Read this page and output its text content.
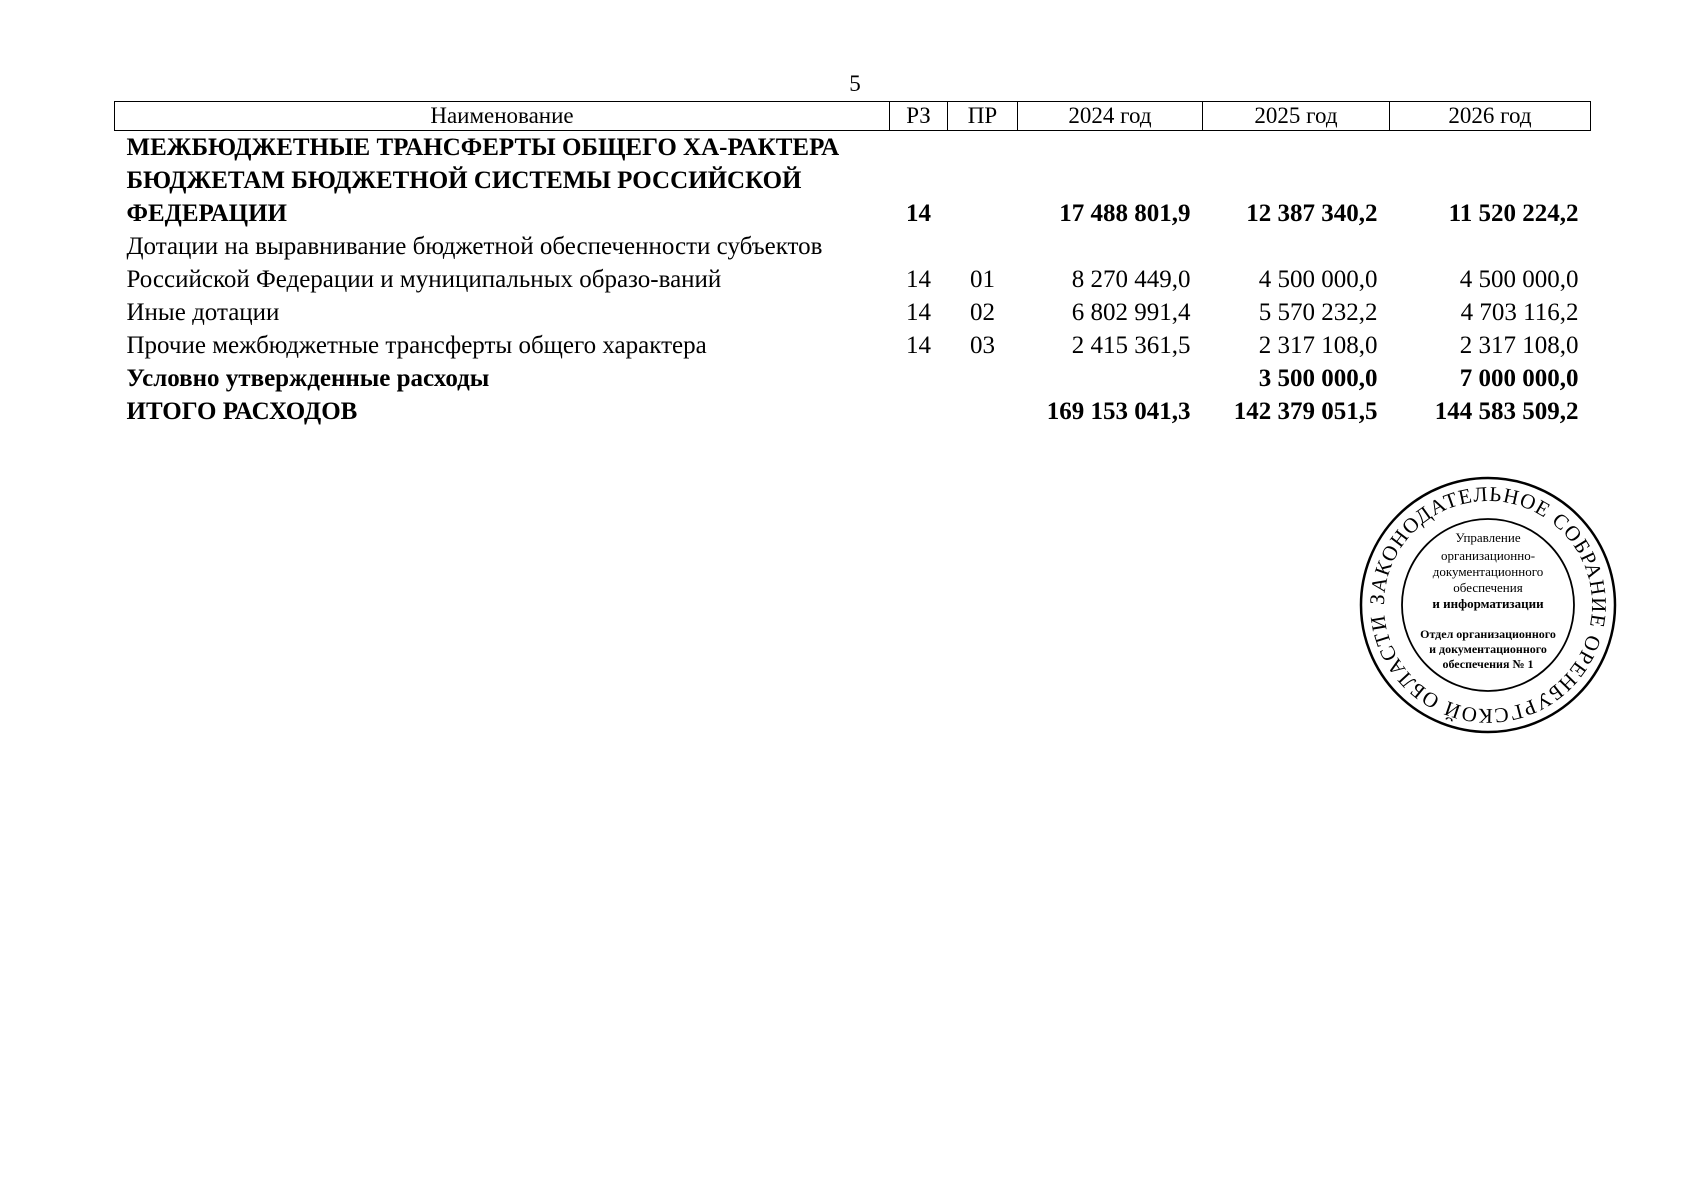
5
Наименование	РЗ	ПР	2024 год	2025 год	2026 год
МЕЖБЮДЖЕТНЫЕ ТРАНСФЕРТЫ ОБЩЕГО ХА-РАКТЕРА БЮДЖЕТАМ БЮДЖЕТНОЙ СИСТЕМЫ РОССИЙСКОЙ ФЕДЕРАЦИИ	14		17 488 801,9	12 387 340,2	11 520 224,2
Дотации на выравнивание бюджетной обеспеченности субъектов Российской Федерации и муниципальных образо-ваний	14	01	8 270 449,0	4 500 000,0	4 500 000,0
Иные дотации	14	02	6 802 991,4	5 570 232,2	4 703 116,2
Прочие межбюджетные трансферты общего характера	14	03	2 415 361,5	2 317 108,0	2 317 108,0
Условно утвержденные расходы				3 500 000,0	7 000 000,0
ИТОГО РАСХОДОВ			169 153 041,3	142 379 051,5	144 583 509,2
ЗАКОНОДАТЕЛЬНОЕ СОБРАНИЕ ОРЕНБУРГСКОЙ ОБЛАСТИ
Управление
организационно-
документационного
обеспечения
и информатизации
Отдел организационного
и документационного
обеспечения № 1
